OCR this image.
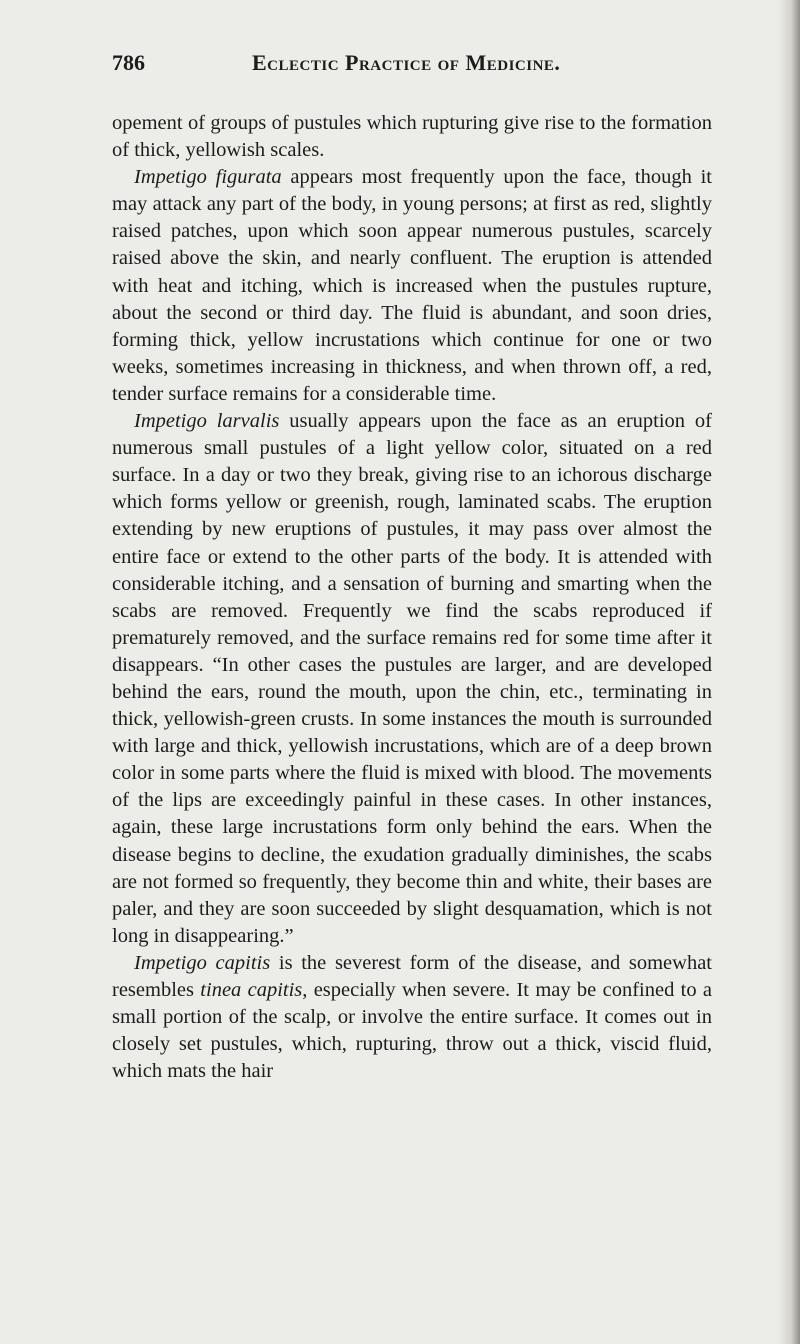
786	Eclectic Practice of Medicine.

opement of groups of pustules which rupturing give rise to the formation of thick, yellowish scales.

Impetigo figurata appears most frequently upon the face, though it may attack any part of the body, in young persons; at first as red, slightly raised patches, upon which soon appear numerous pustules, scarcely raised above the skin, and nearly confluent. The eruption is attended with heat and itching, which is increased when the pustules rupture, about the second or third day. The fluid is abundant, and soon dries, forming thick, yellow incrustations which continue for one or two weeks, sometimes increasing in thickness, and when thrown off, a red, tender surface remains for a considerable time.

Impetigo larvalis usually appears upon the face as an eruption of numerous small pustules of a light yellow color, situated on a red surface. In a day or two they break, giving rise to an ichorous discharge which forms yellow or greenish, rough, laminated scabs. The eruption extending by new eruptions of pustules, it may pass over almost the entire face or extend to the other parts of the body. It is attended with considerable itching, and a sensation of burning and smarting when the scabs are removed. Frequently we find the scabs reproduced if prematurely removed, and the surface remains red for some time after it disappears. “In other cases the pustules are larger, and are developed behind the ears, round the mouth, upon the chin, etc., terminating in thick, yellowish-green crusts. In some instances the mouth is surrounded with large and thick, yellowish incrustations, which are of a deep brown color in some parts where the fluid is mixed with blood. The movements of the lips are exceedingly painful in these cases. In other instances, again, these large incrustations form only behind the ears. When the disease begins to decline, the exudation gradually diminishes, the scabs are not formed so frequently, they become thin and white, their bases are paler, and they are soon succeeded by slight desquamation, which is not long in disappearing.”

Impetigo capitis is the severest form of the disease, and somewhat resembles tinea capitis, especially when severe. It may be confined to a small portion of the scalp, or involve the entire surface. It comes out in closely set pustules, which, rupturing, throw out a thick, viscid fluid, which mats the hair
